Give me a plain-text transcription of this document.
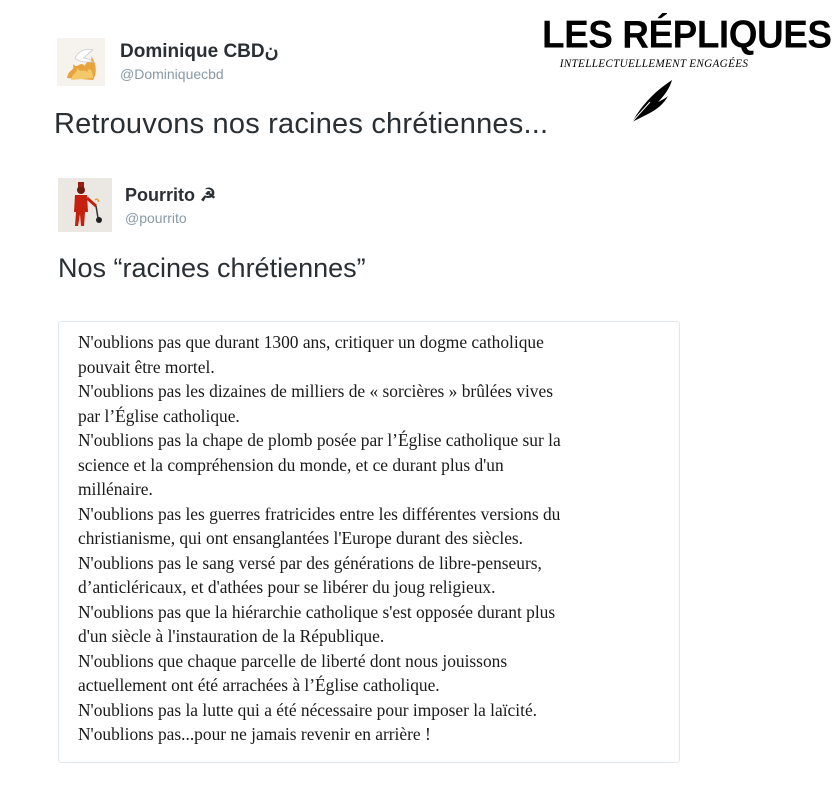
Dominique CBDن
@Dominiquecbd
Retrouvons nos racines chrétiennes...
LES RÉPLIQUES
INTELLECTUELLEMENT ENGAGÉES
Pourrito ☭
@pourrito
Nos “racines chrétiennes”
N'oublions pas que durant 1300 ans, critiquer un dogme catholique
pouvait être mortel.
N'oublions pas les dizaines de milliers de « sorcières » brûlées vives
par l’Église catholique.
N'oublions pas la chape de plomb posée par l’Église catholique sur la
science et la compréhension du monde, et ce durant plus d'un
millénaire.
N'oublions pas les guerres fratricides entre les différentes versions du
christianisme, qui ont ensanglantées l'Europe durant des siècles.
N'oublions pas le sang versé par des générations de libre-penseurs,
d’anticléricaux, et d'athées pour se libérer du joug religieux.
N'oublions pas que la hiérarchie catholique s'est opposée durant plus
d'un siècle à l'instauration de la République.
N'oublions que chaque parcelle de liberté dont nous jouissons
actuellement ont été arrachées à l’Église catholique.
N'oublions pas la lutte qui a été nécessaire pour imposer la laïcité.
N'oublions pas...pour ne jamais revenir en arrière !
